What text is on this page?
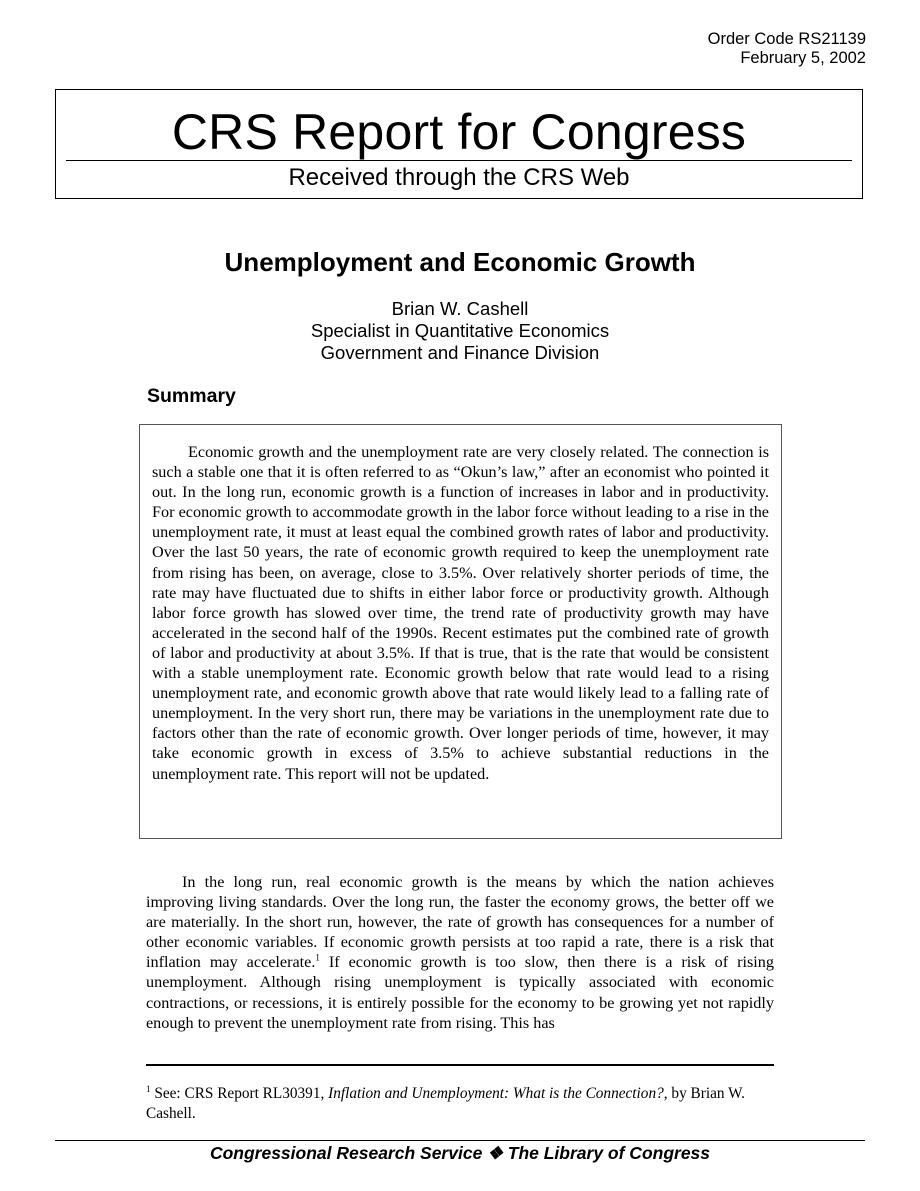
Order Code RS21139
February 5, 2002
CRS Report for Congress
Received through the CRS Web
Unemployment and Economic Growth
Brian W. Cashell
Specialist in Quantitative Economics
Government and Finance Division
Summary

Economic growth and the unemployment rate are very closely related. The connection is such a stable one that it is often referred to as “Okun’s law,” after an economist who pointed it out. In the long run, economic growth is a function of increases in labor and in productivity. For economic growth to accommodate growth in the labor force without leading to a rise in the unemployment rate, it must at least equal the combined growth rates of labor and productivity. Over the last 50 years, the rate of economic growth required to keep the unemployment rate from rising has been, on average, close to 3.5%. Over relatively shorter periods of time, the rate may have fluctuated due to shifts in either labor force or productivity growth. Although labor force growth has slowed over time, the trend rate of productivity growth may have accelerated in the second half of the 1990s. Recent estimates put the combined rate of growth of labor and productivity at about 3.5%. If that is true, that is the rate that would be consistent with a stable unemployment rate. Economic growth below that rate would lead to a rising unemployment rate, and economic growth above that rate would likely lead to a falling rate of unemployment. In the very short run, there may be variations in the unemployment rate due to factors other than the rate of economic growth. Over longer periods of time, however, it may take economic growth in excess of 3.5% to achieve substantial reductions in the unemployment rate. This report will not be updated.

In the long run, real economic growth is the means by which the nation achieves improving living standards. Over the long run, the faster the economy grows, the better off we are materially. In the short run, however, the rate of growth has consequences for a number of other economic variables. If economic growth persists at too rapid a rate, there is a risk that inflation may accelerate.$^1$ If economic growth is too slow, then there is a risk of rising unemployment. Although rising unemployment is typically associated with economic contractions, or recessions, it is entirely possible for the economy to be growing yet not rapidly enough to prevent the unemployment rate from rising. This has

$^1$ See: CRS Report RL30391, Inflation and Unemployment: What is the Connection?, by Brian W. Cashell.

Congressional Research Service ❖ The Library of Congress
